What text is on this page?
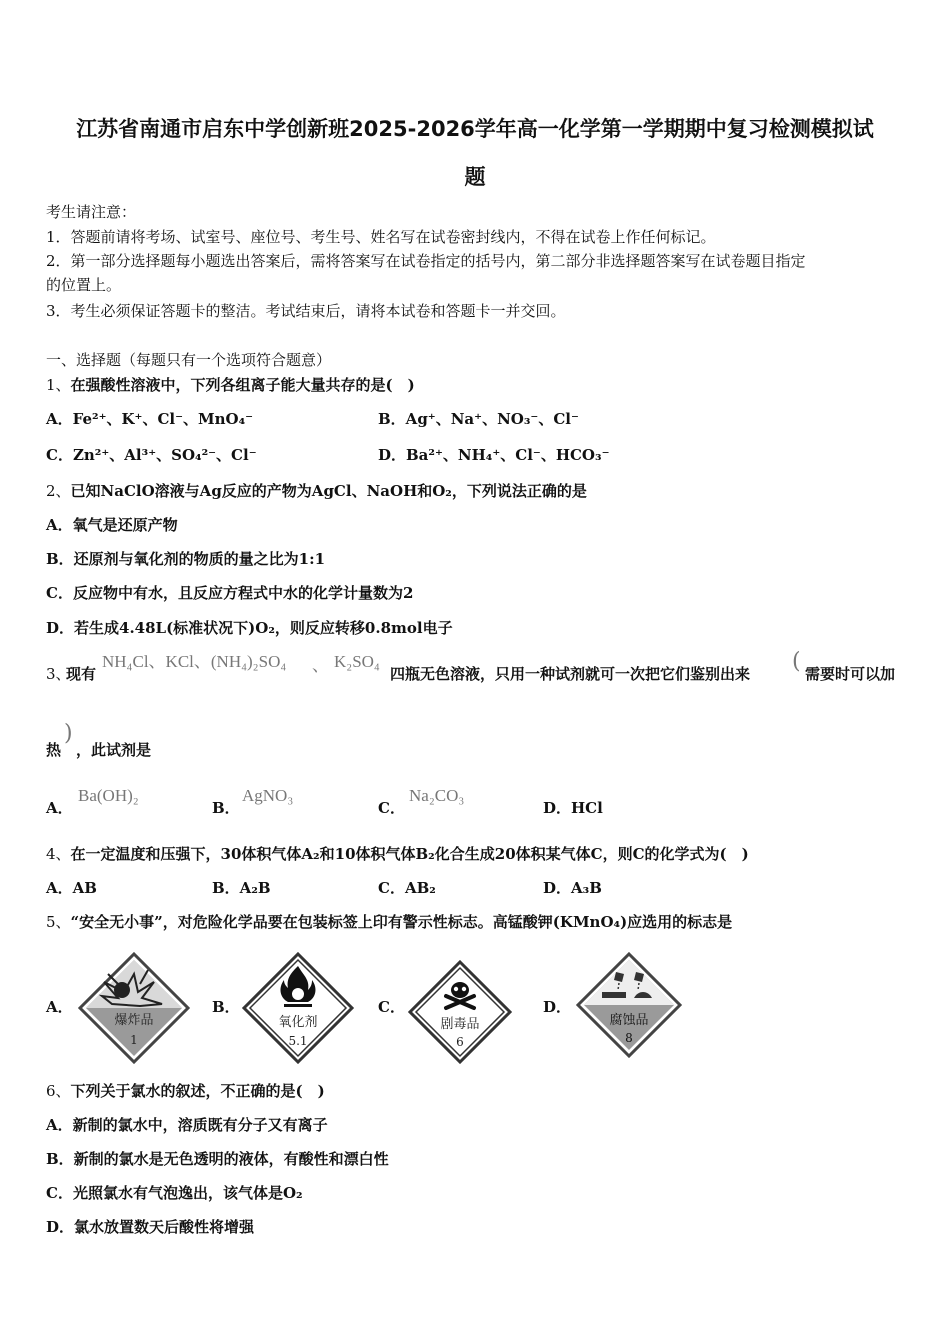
江苏省南通市启东中学创新班2025-2026学年高一化学第一学期期中复习检测模拟试
题
考生请注意：
1．答题前请将考场、试室号、座位号、考生号、姓名写在试卷密封线内，不得在试卷上作任何标记。
2．第一部分选择题每小题选出答案后，需将答案写在试卷指定的括号内，第二部分非选择题答案写在试卷题目指定
的位置上。
3．考生必须保证答题卡的整洁。考试结束后，请将本试卷和答题卡一并交回。
一、选择题（每题只有一个选项符合题意）
1、在强酸性溶液中，下列各组离子能大量共存的是(　)
A．Fe²⁺、K⁺、Cl⁻、MnO₄⁻	B．Ag⁺、Na⁺、NO₃⁻、Cl⁻
C．Zn²⁺、Al³⁺、SO₄²⁻、Cl⁻	D．Ba²⁺、NH₄⁺、Cl⁻、HCO₃⁻
2、已知NaClO溶液与Ag反应的产物为AgCl、NaOH和O₂，下列说法正确的是
A．氧气是还原产物
B．还原剂与氧化剂的物质的量之比为1:1
C．反应物中有水，且反应方程式中水的化学计量数为2
D．若生成4.48L(标准状况下)O₂，则反应转移0.8mol电子
3、
现有
NH₄Cl、KCl、(NH₄)₂SO₄ 、 K₂SO₄
四瓶无色溶液，只用一种试剂就可一次把它们鉴别出来 ( 需要时可以加
热
)
，此试剂是
A．
Ba(OH)₂
B．
AgNO₃
C．
Na₂CO₃
D．HCl
4、在一定温度和压强下，30体积气体A₂和10体积气体B₂化合生成20体积某气体C，则C的化学式为(　)
A．AB	B．A₂B	C．AB₂	D．A₃B
5、“安全无小事”，对危险化学品要在包装标签上印有警示性标志。高锰酸钾(KMnO₄)应选用的标志是
A．
爆炸品
1
B．
氧化剂
5.1
C．
剧毒品
6
D．
腐蚀品
8
6、下列关于氯水的叙述，不正确的是(　)
A．新制的氯水中，溶质既有分子又有离子
B．新制的氯水是无色透明的液体，有酸性和漂白性
C．光照氯水有气泡逸出，该气体是O₂
D．氯水放置数天后酸性将增强
